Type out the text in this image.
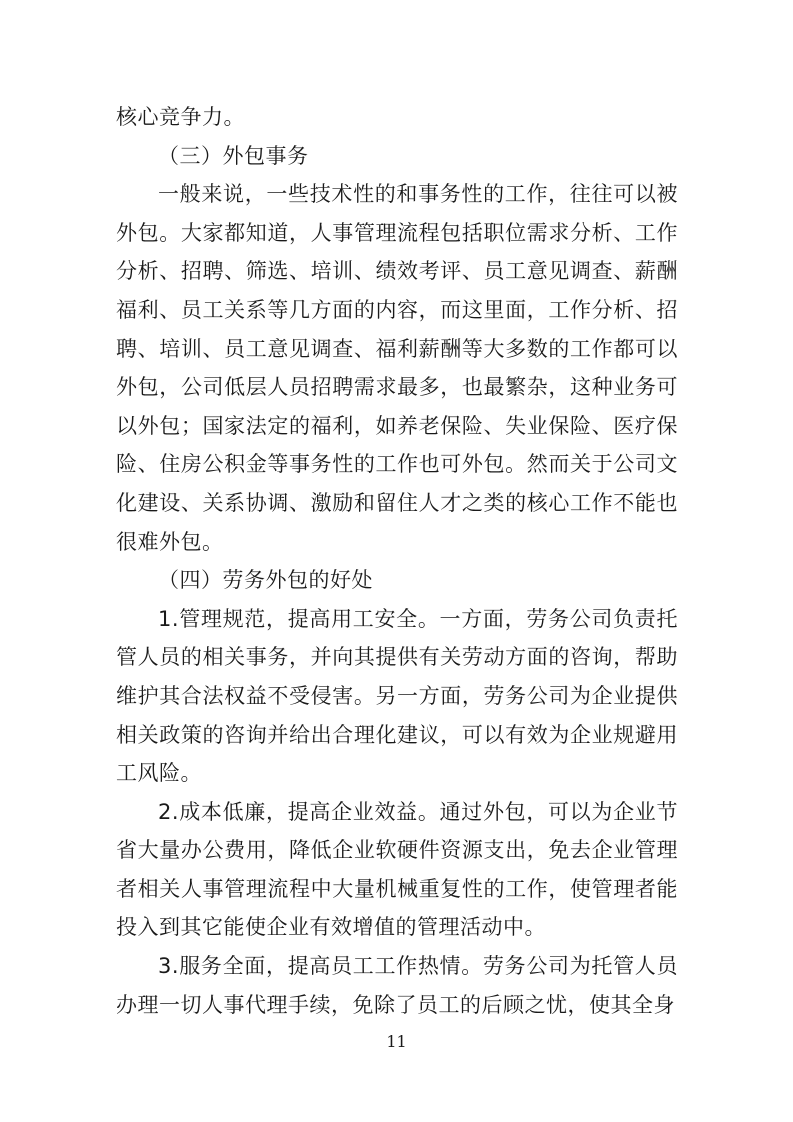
核心竞争力。

（三）外包事务

一般来说，一些技术性的和事务性的工作，往往可以被外包。大家都知道，人事管理流程包括职位需求分析、工作分析、招聘、筛选、培训、绩效考评、员工意见调查、薪酬福利、员工关系等几方面的内容，而这里面，工作分析、招聘、培训、员工意见调查、福利薪酬等大多数的工作都可以外包，公司低层人员招聘需求最多，也最繁杂，这种业务可以外包；国家法定的福利，如养老保险、失业保险、医疗保险、住房公积金等事务性的工作也可外包。然而关于公司文化建设、关系协调、激励和留住人才之类的核心工作不能也很难外包。

（四）劳务外包的好处

1.管理规范，提高用工安全。一方面，劳务公司负责托管人员的相关事务，并向其提供有关劳动方面的咨询，帮助维护其合法权益不受侵害。另一方面，劳务公司为企业提供相关政策的咨询并给出合理化建议，可以有效为企业规避用工风险。

2.成本低廉，提高企业效益。通过外包，可以为企业节省大量办公费用，降低企业软硬件资源支出，免去企业管理者相关人事管理流程中大量机械重复性的工作，使管理者能投入到其它能使企业有效增值的管理活动中。

3.服务全面，提高员工工作热情。劳务公司为托管人员办理一切人事代理手续，免除了员工的后顾之忧，使其全身

11
